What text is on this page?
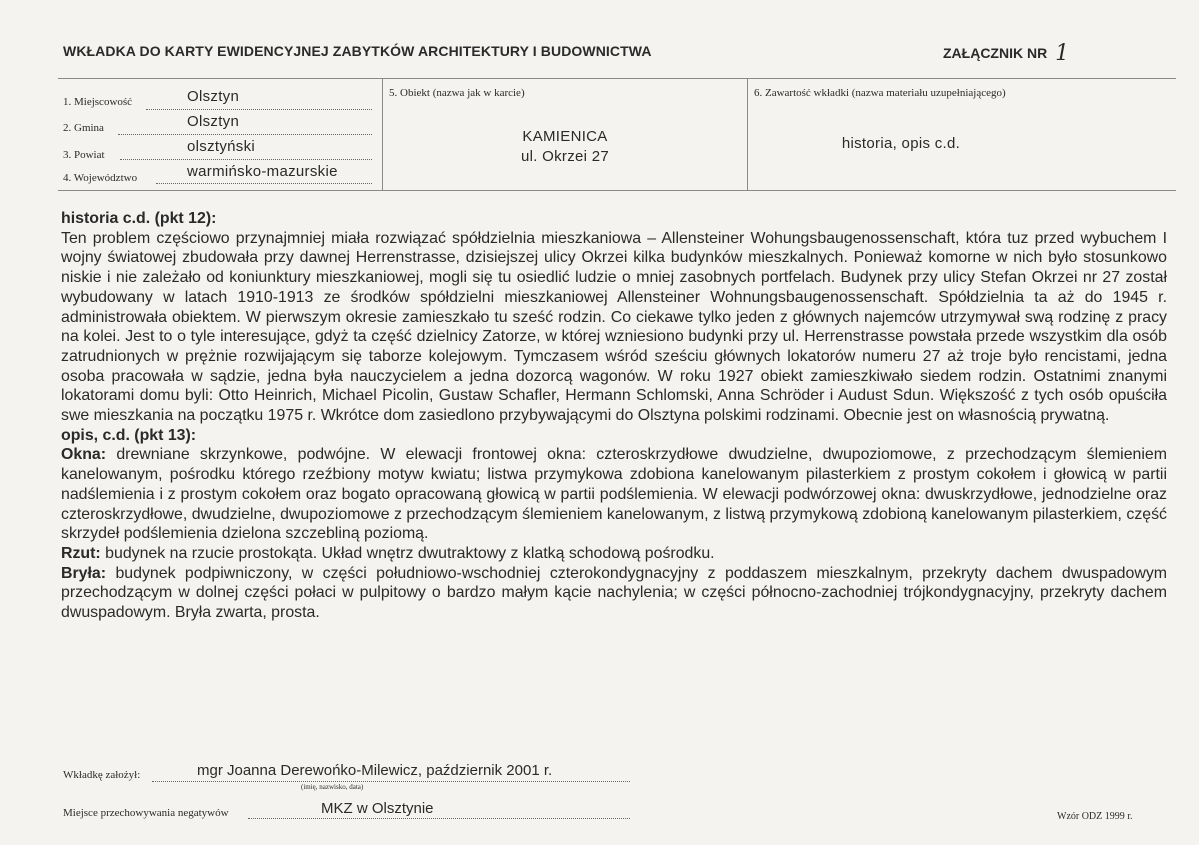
WKŁADKA DO KARTY EWIDENCYJNEJ ZABYTKÓW ARCHITEKTURY I BUDOWNICTWA	ZAŁĄCZNIK NR 1
1. Miejscowość	Olsztyn
2. Gmina	Olsztyn
3. Powiat	olsztyński
4. Województwo	warmińsko-mazurskie
5. Obiekt (nazwa jak w karcie)
KAMIENICA
ul. Okrzei 27
6. Zawartość wkładki (nazwa materiału uzupełniającego)
historia, opis c.d.

historia c.d. (pkt 12):

Ten problem częściowo przynajmniej miała rozwiązać spółdzielnia mieszkaniowa – Allensteiner Wohungsbaugenossenschaft, która tuz przed wybuchem I wojny światowej zbudowała przy dawnej Herrenstrasse, dzisiejszej ulicy Okrzei kilka budynków mieszkalnych. Ponieważ komorne w nich było stosunkowo niskie i nie zależało od koniunktury mieszkaniowej, mogli się tu osiedlić ludzie o mniej zasobnych portfelach. Budynek przy ulicy Stefan Okrzei nr 27 został wybudowany w latach 1910-1913 ze środków spółdzielni mieszkaniowej Allensteiner Wohnungsbaugenossenschaft. Spółdzielnia ta aż do 1945 r. administrowała obiektem. W pierwszym okresie zamieszkało tu sześć rodzin. Co ciekawe tylko jeden z głównych najemców utrzymywał swą rodzinę z pracy na kolei. Jest to o tyle interesujące, gdyż ta część dzielnicy Zatorze, w której wzniesiono budynki przy ul. Herrenstrasse powstała przede wszystkim dla osób zatrudnionych w prężnie rozwijającym się taborze kolejowym. Tymczasem wśród sześciu głównych lokatorów numeru 27 aż troje było rencistami, jedna osoba pracowała w sądzie, jedna była nauczycielem a jedna dozorcą wagonów. W roku 1927 obiekt zamieszkiwało siedem rodzin. Ostatnimi znanymi lokatorami domu byli: Otto Heinrich, Michael Picolin, Gustaw Schafler, Hermann Schlomski, Anna Schröder i Audust Sdun. Większość z tych osób opuściła swe mieszkania na początku 1975 r. Wkrótce dom zasiedlono przybywającymi do Olsztyna polskimi rodzinami. Obecnie jest on własnością prywatną.

opis, c.d. (pkt 13):

Okna: drewniane skrzynkowe, podwójne. W elewacji frontowej okna: czteroskrzydłowe dwudzielne, dwupoziomowe, z przechodzącym ślemieniem kanelowanym, pośrodku którego rzeźbiony motyw kwiatu; listwa przymykowa zdobiona kanelowanym pilasterkiem z prostym cokołem i głowicą w partii nadślemienia i z prostym cokołem oraz bogato opracowaną głowicą w partii podślemienia. W elewacji podwórzowej okna: dwuskrzydłowe, jednodzielne oraz czteroskrzydłowe, dwudzielne, dwupoziomowe z przechodzącym ślemieniem kanelowanym, z listwą przymykową zdobioną kanelowanym pilasterkiem, część skrzydeł podślemienia dzielona szczebliną poziomą.

Rzut: budynek na rzucie prostokąta. Układ wnętrz dwutraktowy z klatką schodową pośrodku.

Bryła: budynek podpiwniczony, w części południowo-wschodniej czterokondygnacyjny z poddaszem mieszkalnym, przekryty dachem dwuspadowym przechodzącym w dolnej części połaci w pulpitowy o bardzo małym kącie nachylenia; w części północno-zachodniej trójkondygnacyjny, przekryty dachem dwuspadowym. Bryła zwarta, prosta.

Wkładkę założył:	mgr Joanna Derewońko-Milewicz, październik 2001 r.
(imię, nazwisko, data)
Miejsce przechowywania negatywów	MKZ w Olsztynie	Wzór ODZ 1999 r.
